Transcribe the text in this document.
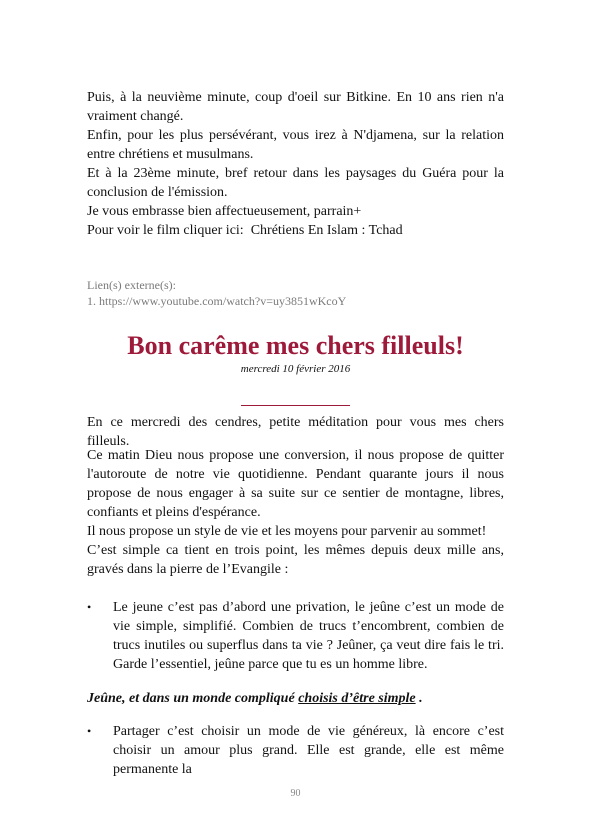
Puis, à la neuvième minute, coup d'oeil sur Bitkine. En 10 ans rien n'a vraiment changé.

Enfin, pour les plus persévérant, vous irez à N'djamena, sur la relation entre chrétiens et musulmans.

Et à la 23ème minute, bref retour dans les paysages du Guéra pour la conclusion de l'émission.

Je vous embrasse bien affectueusement, parrain+

Pour voir le film cliquer ici: Chrétiens En Islam : Tchad

Lien(s) externe(s):

1. https://www.youtube.com/watch?v=uy3851wKcoY

Bon carême mes chers filleuls!
mercredi 10 février 2016

En ce mercredi des cendres, petite méditation pour vous mes chers filleuls.

Ce matin Dieu nous propose une conversion, il nous propose de quitter l'autoroute de notre vie quotidienne. Pendant quarante jours il nous propose de nous engager à sa suite sur ce sentier de montagne, libres, confiants et pleins d'espérance.

Il nous propose un style de vie et les moyens pour parvenir au sommet!

C’est simple ca tient en trois point, les mêmes depuis deux mille ans, gravés dans la pierre de l’Evangile :

• Le jeune c’est pas d’abord une privation, le jeûne c’est un mode de vie simple, simplifié. Combien de trucs t’encombrent, combien de trucs inutiles ou superflus dans ta vie ? Jeûner, ça veut dire fais le tri. Garde l’essentiel, jeûne parce que tu es un homme libre.

Jeûne, et dans un monde compliqué choisis d’être simple .

• Partager c’est choisir un mode de vie généreux, là encore c’est choisir un amour plus grand. Elle est grande, elle est même permanente la

90
